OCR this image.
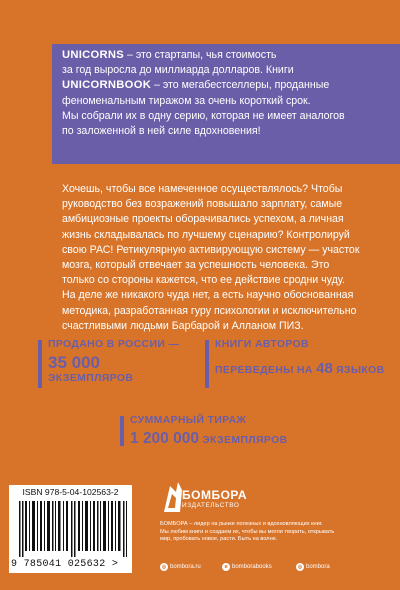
UNICORNS – это стартапы, чья стоимость
за год выросла до миллиарда долларов. Книги
UNICORNBOOK – это мегабестселлеры, проданные
феноменальным тиражом за очень короткий срок.
Мы собрали их в одну серию, которая не имеет аналогов
по заложенной в ней силе вдохновения!

Хочешь, чтобы все намеченное осуществлялось? Чтобы

руководство без возражений повышало зарплату, самые

амбициозные проекты оборачивались успехом, а личная

жизнь складывалась по лучшему сценарию? Контролируй

свою РАС! Ретикулярную активирующую систему — участок

мозга, который отвечает за успешность человека. Это

только со стороны кажется, что ее действие сродни чуду.

На деле же никакого чуда нет, а есть научно обоснованная

методика, разработанная гуру психологии и исключительно

счастливыми людьми Барбарой и Алланом ПИЗ.

ПРОДАНО В РОССИИ —
35 000
ЭКЗЕМПЛЯРОВ
КНИГИ АВТОРОВ
ПЕРЕВЕДЕНЫ НА 48 ЯЗЫКОВ
СУММАРНЫЙ ТИРАЖ
1 200 000 ЭКЗЕМПЛЯРОВ
ISBN 978-5-04-102563-2
9 785041 025632 >
БОМБОРА
ИЗДАТЕЛЬСТВО
БОМБОРА – лидер на рынке полезных и вдохновляющих книг.
Мы любим книги и создаем их, чтобы вы могли творить, открывать
мир, пробовать новое, расти. Быть на волне.
◎ bombora.ru	в bomborabooks	◎ bombora
